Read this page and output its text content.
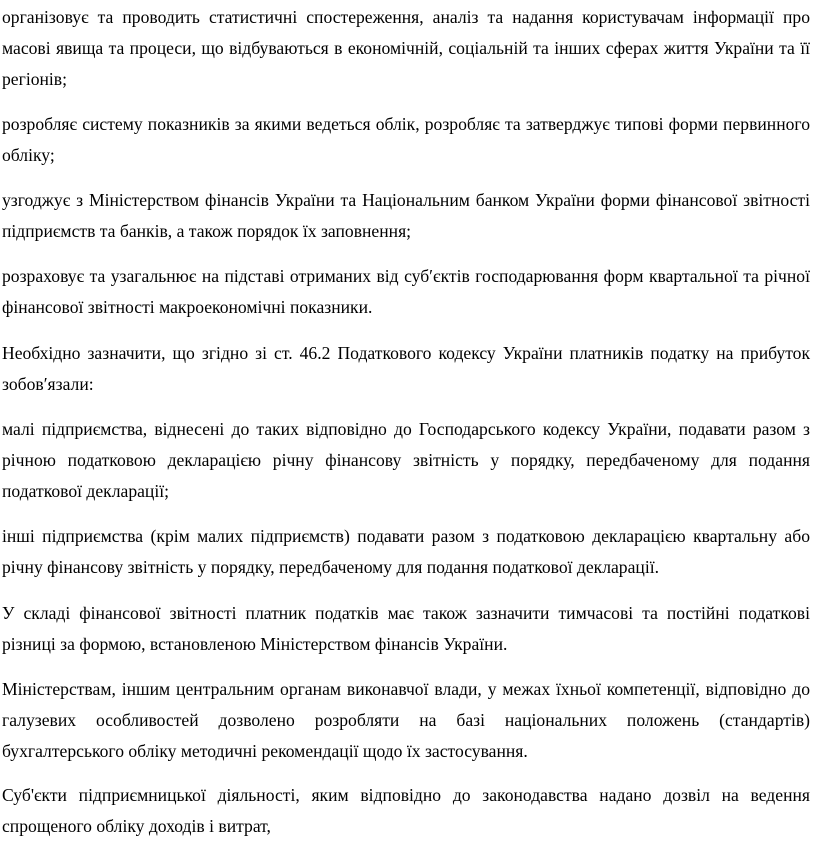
організовує та проводить статистичні спостереження, аналіз та надання користувачам інформації про масові явища та процеси, що відбуваються в економічній, соціальній та інших сферах життя України та її регіонів;

розробляє систему показників за якими ведеться облік, розробляє та затверджує типові форми первинного обліку;

узгоджує з Міністерством фінансів України та Національним банком України форми фінансової звітності підприємств та банків, а також порядок їх заповнення;

розраховує та узагальнює на підставі отриманих від суб′єктів господарювання форм квартальної та річної фінансової звітності макроекономічні показники.

Необхідно зазначити, що згідно зі ст. 46.2 Податкового кодексу України платників податку на прибуток зобов′язали:

малі підприємства, віднесені до таких відповідно до Господарського кодексу України, подавати разом з річною податковою декларацією річну фінансову звітність у порядку, передбаченому для подання податкової декларації;

інші підприємства (крім малих підприємств) подавати разом з податковою декларацією квартальну або річну фінансову звітність у порядку, передбаченому для подання податкової декларації.

У складі фінансової звітності платник податків має також зазначити тимчасові та постійні податкові різниці за формою, встановленою Міністерством фінансів України.

Міністерствам, іншим центральним органам виконавчої влади, у межах їхньої компетенції, відповідно до галузевих особливостей дозволено розробляти на базі національних положень (стандартів) бухгалтерського обліку методичні рекомендації щодо їх застосування.

Суб'єкти підприємницької діяльності, яким відповідно до законодавства надано дозвіл на ведення спрощеного обліку доходів і витрат,
